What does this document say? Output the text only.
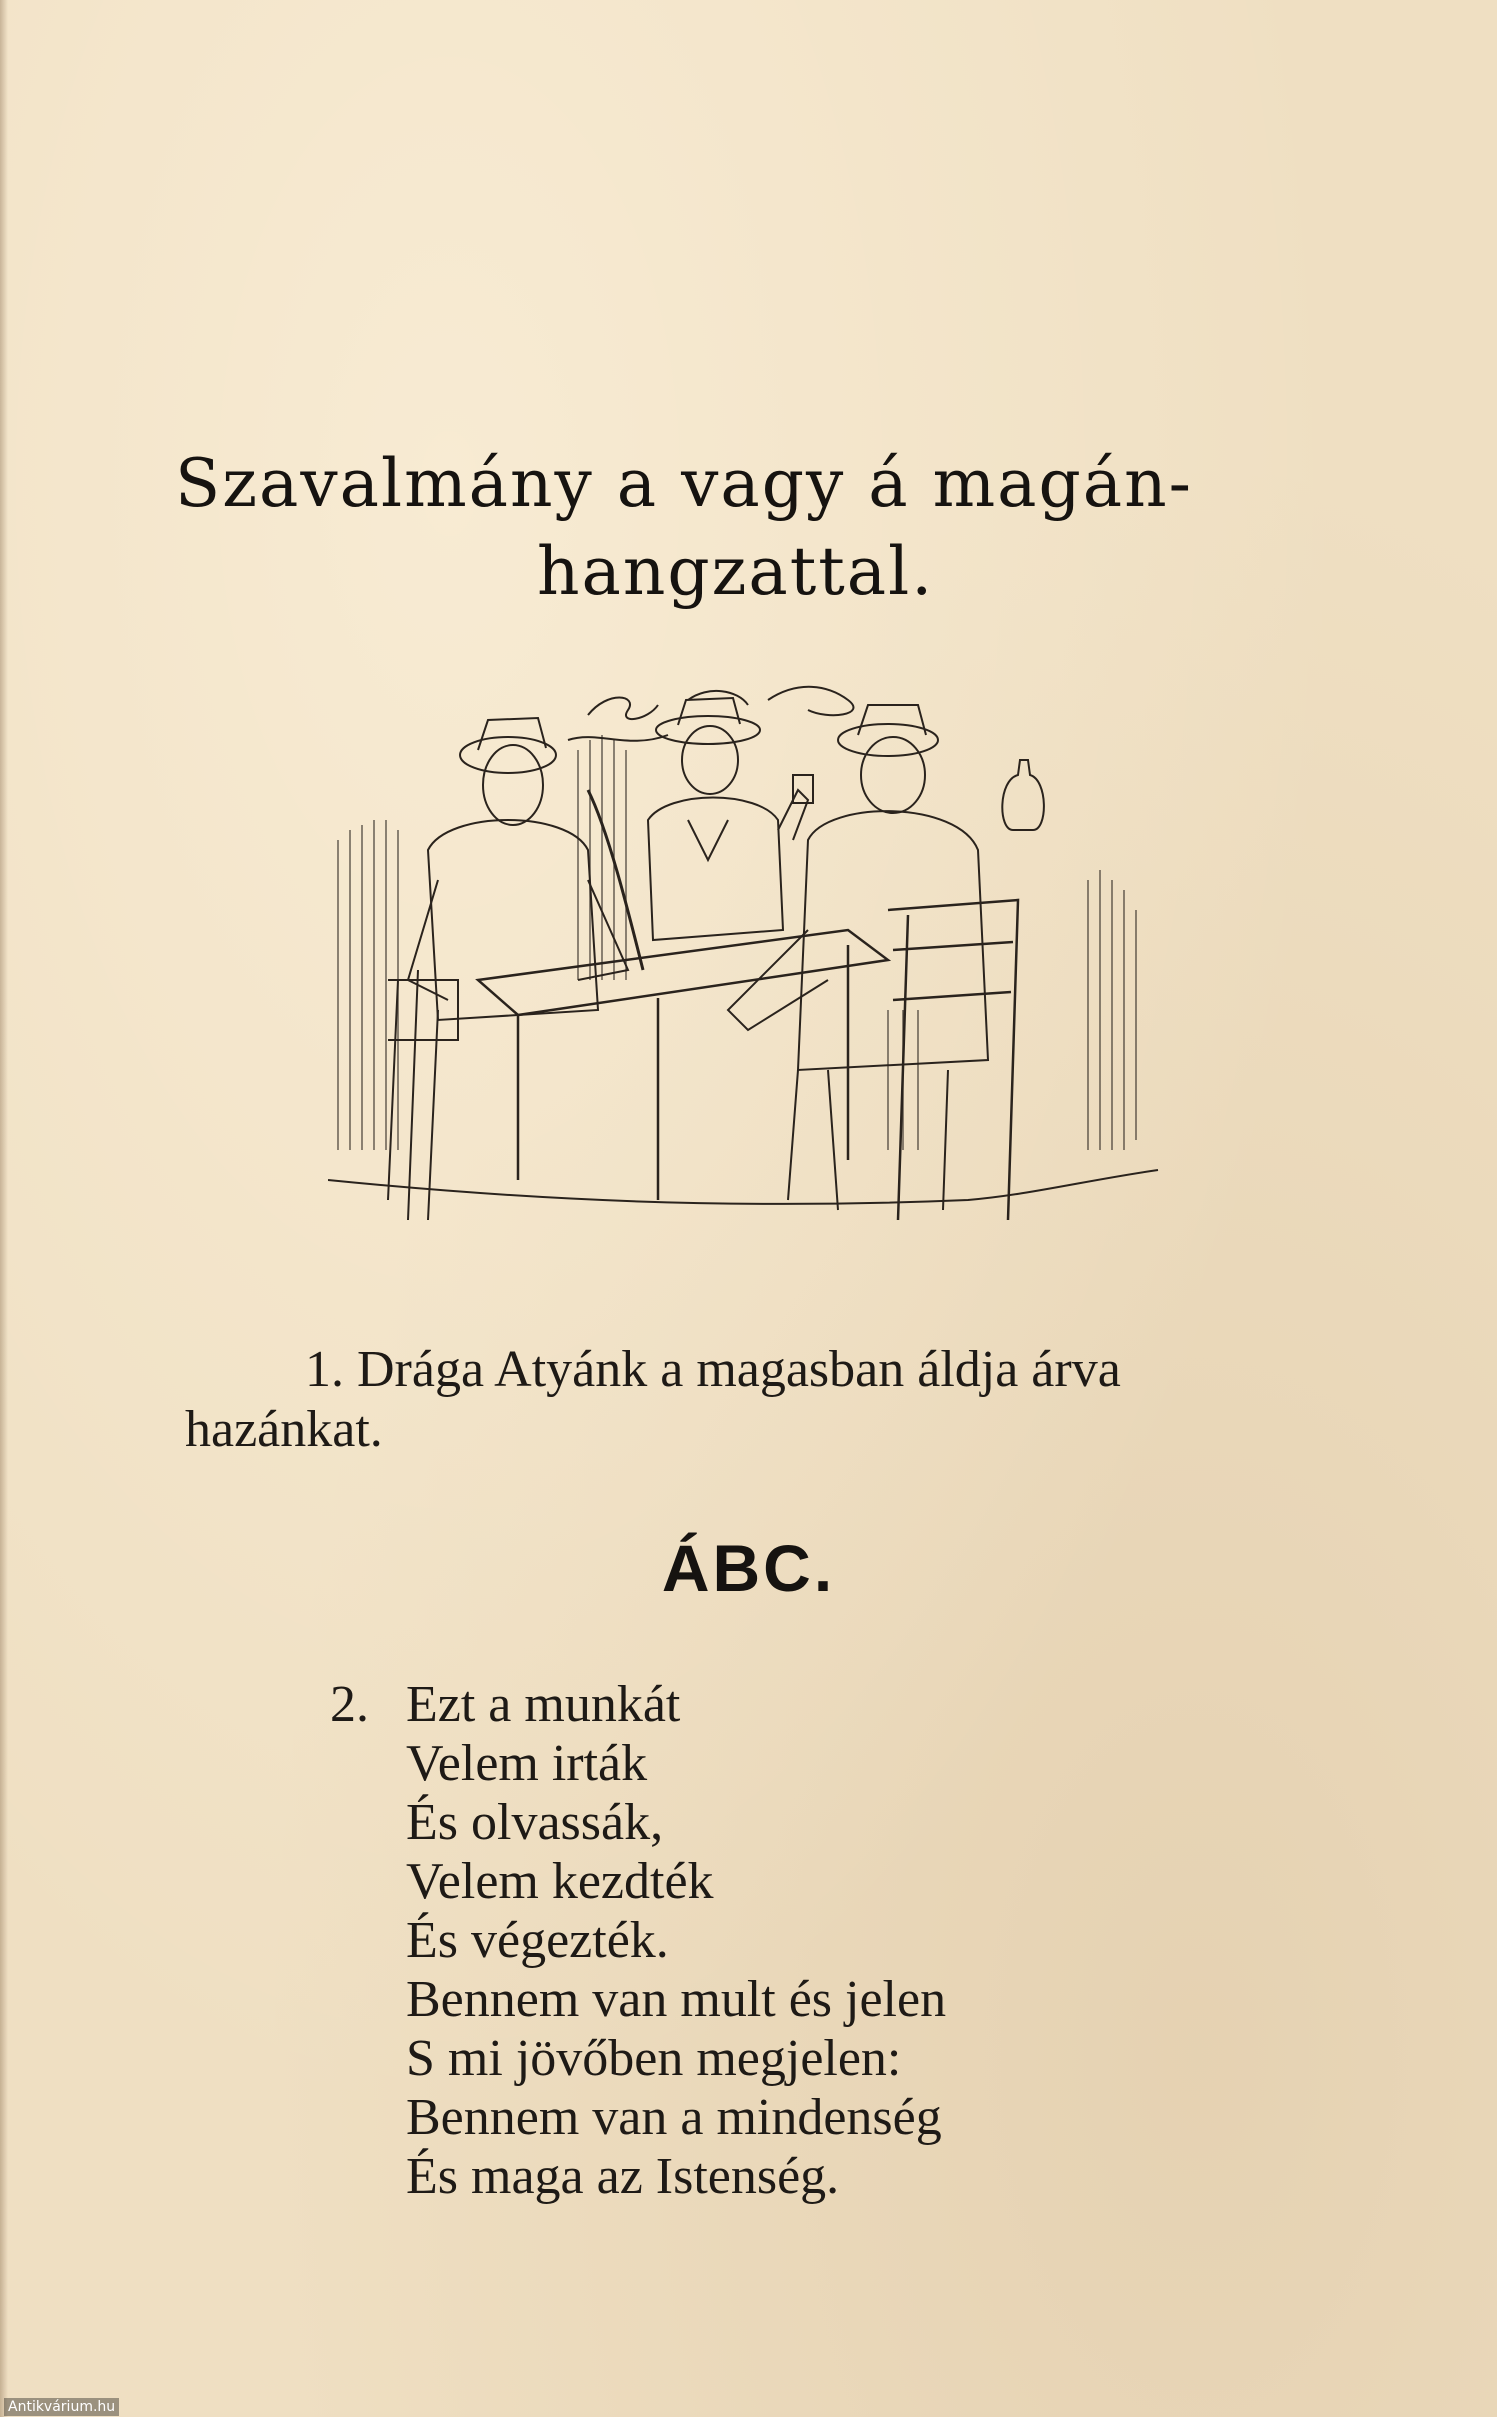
Szavalmány a vagy á magán-
hangzattal.
1. Drága Atyánk a magasban áldja árva
hazánkat.
ÁBC.
2. Ezt a munkát
Velem irták
És olvassák,
Velem kezdték
És végezték.
Bennem van mult és jelen
S mi jövőben megjelen:
Bennem van a mindenség
És maga az Istenség.
Antikvárium.hu
